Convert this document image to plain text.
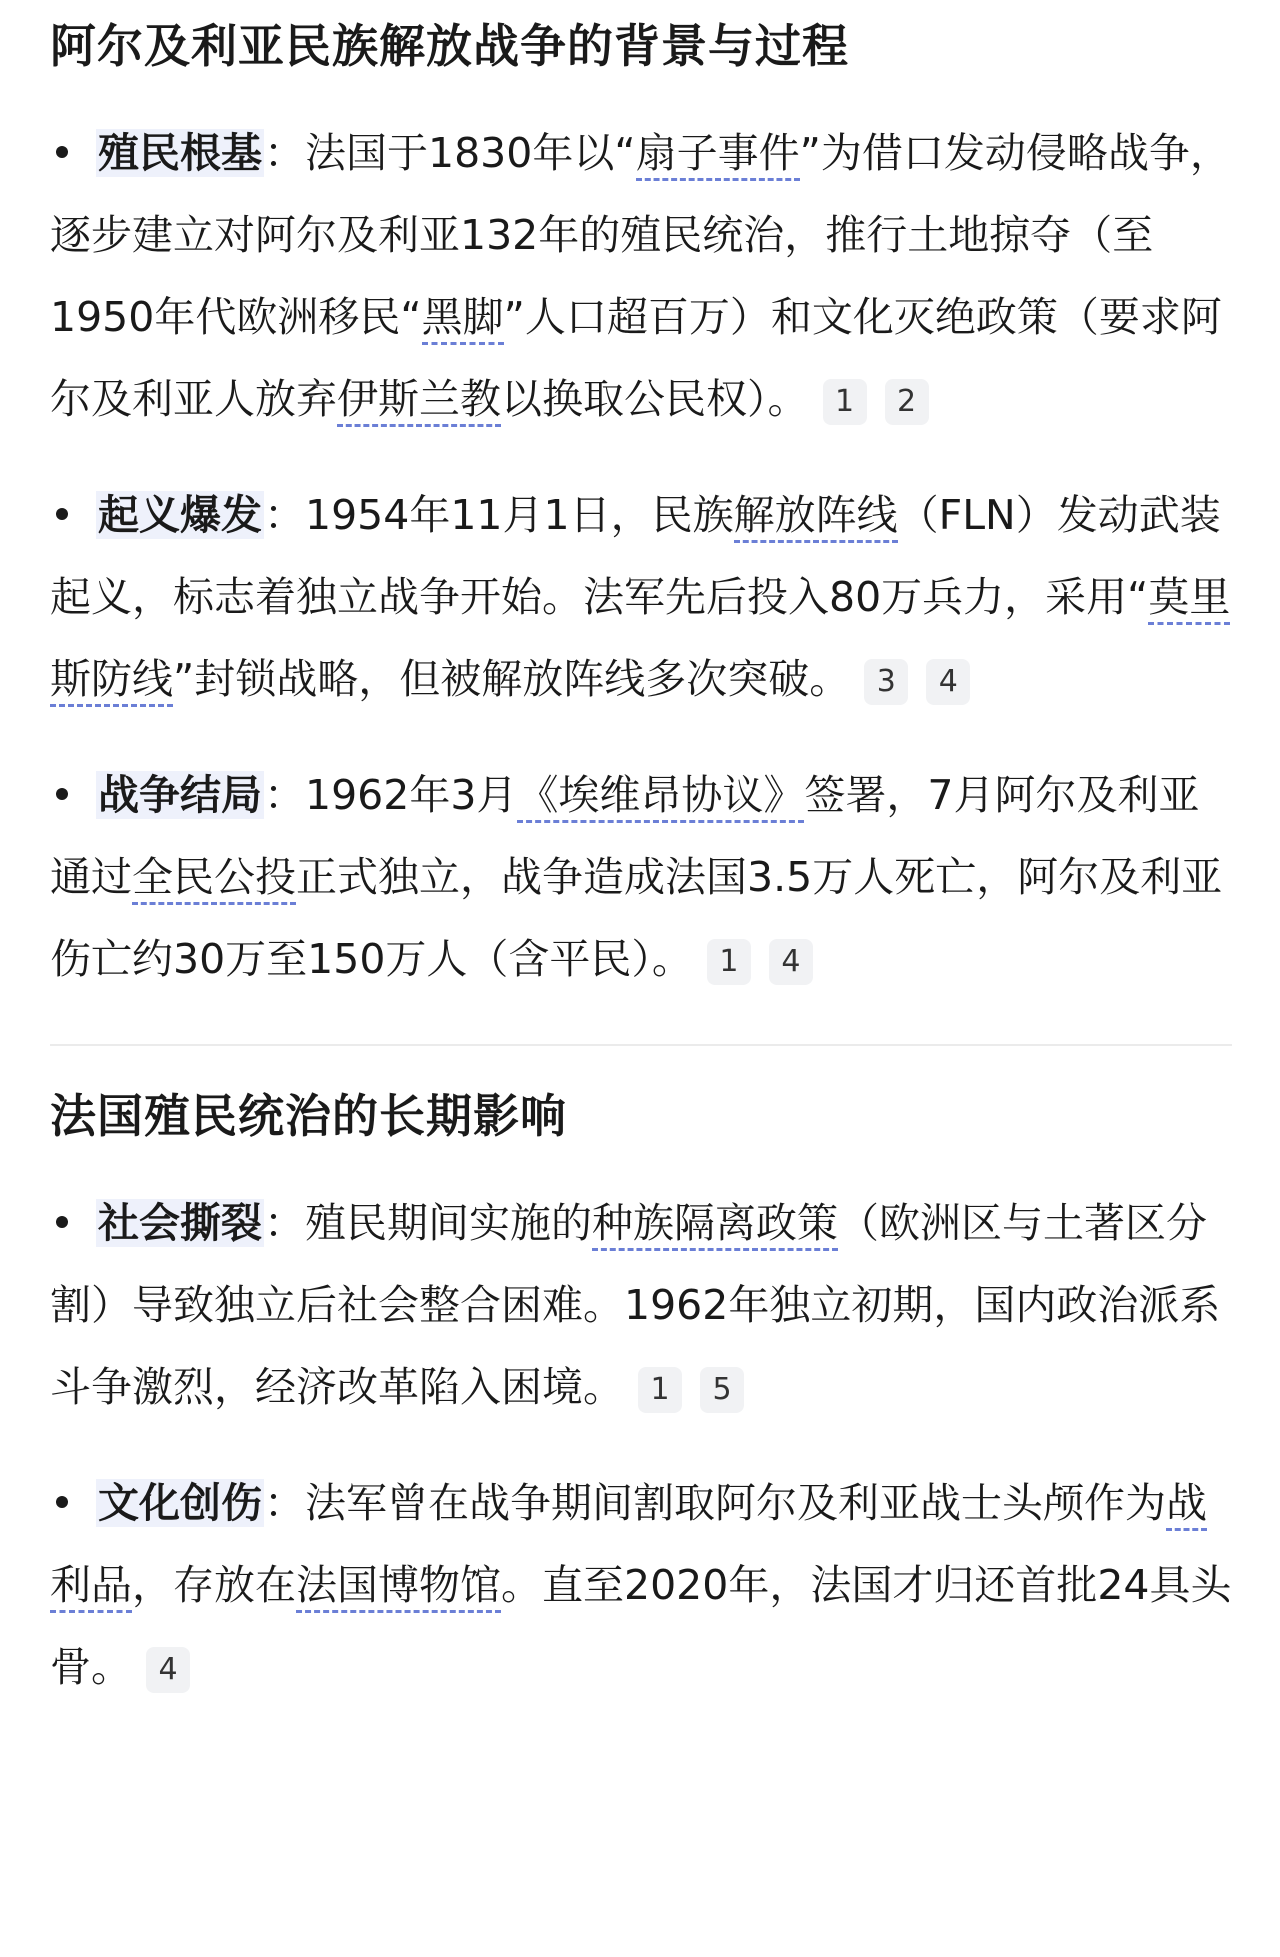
阿尔及利亚民族解放战争的背景与过程
殖民根基：法国于1830年以“扇子事件”为借口发动侵略战争，逐步建立对阿尔及利亚132年的殖民统治，推行土地掠夺（至1950年代欧洲移民“黑脚”人口超百万）和文化灭绝政策（要求阿尔及利亚人放弃伊斯兰教以换取公民权）。 1 2
起义爆发：1954年11月1日，民族解放阵线（FLN）发动武装起义，标志着独立战争开始。法军先后投入80万兵力，采用“莫里斯防线”封锁战略，但被解放阵线多次突破。 3 4
战争结局：1962年3月《埃维昂协议》签署，7月阿尔及利亚通过全民公投正式独立，战争造成法国3.5万人死亡，阿尔及利亚伤亡约30万至150万人（含平民）。 1 4
法国殖民统治的长期影响
社会撕裂：殖民期间实施的种族隔离政策（欧洲区与土著区分割）导致独立后社会整合困难。1962年独立初期，国内政治派系斗争激烈，经济改革陷入困境。 1 5
文化创伤：法军曾在战争期间割取阿尔及利亚战士头颅作为战利品，存放在法国博物馆。直至2020年，法国才归还首批24具头骨。 4
